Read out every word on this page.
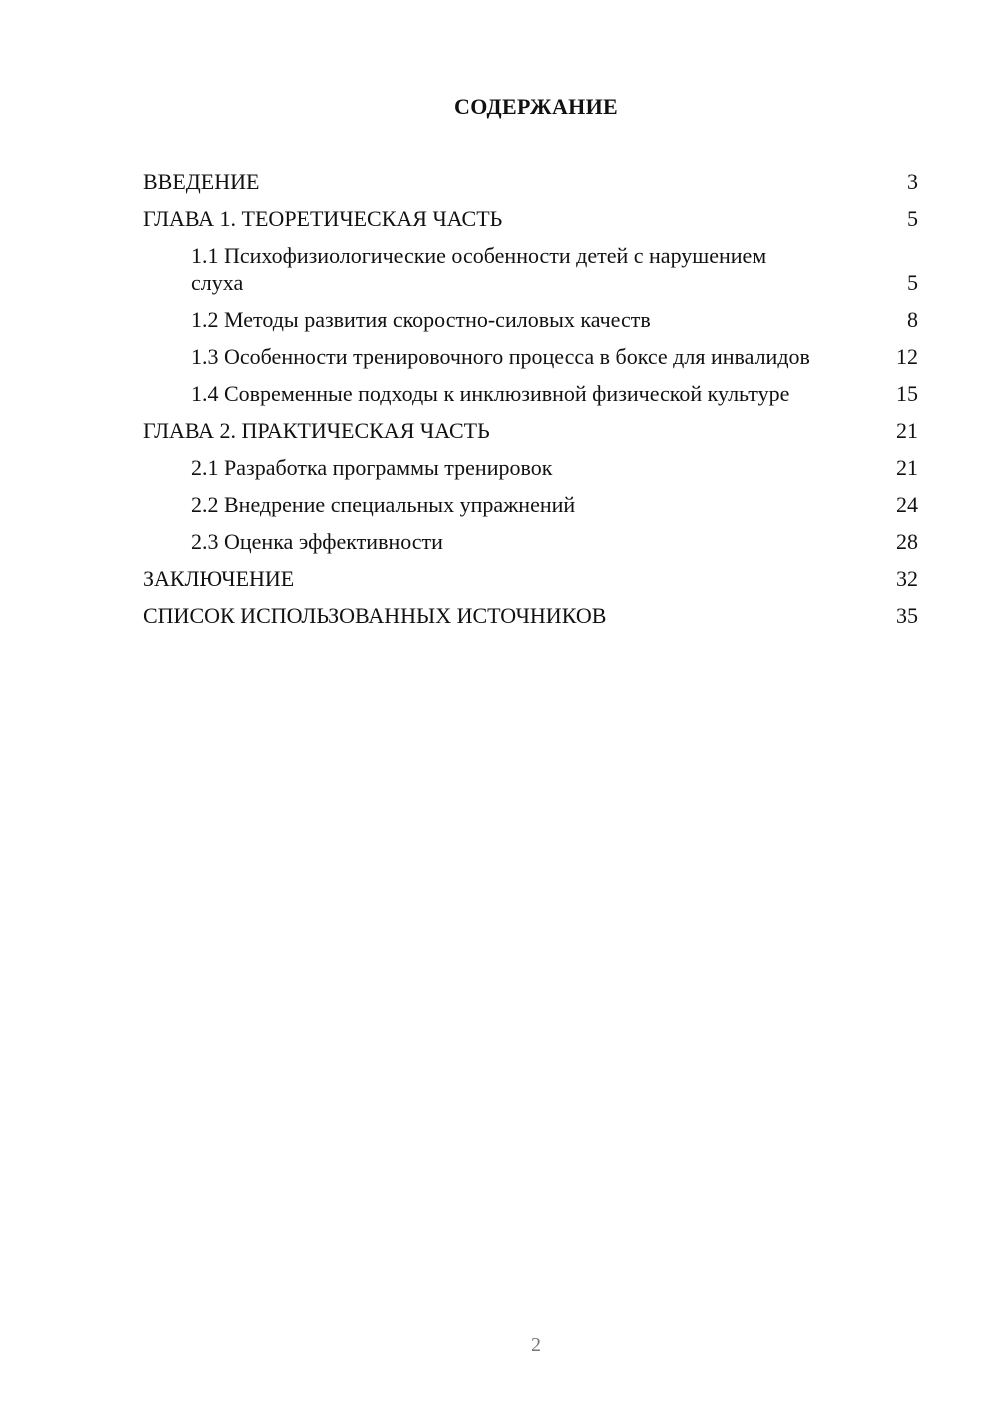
СОДЕРЖАНИЕ
ВВЕДЕНИЕ	3
ГЛАВА 1. ТЕОРЕТИЧЕСКАЯ ЧАСТЬ	5
1.1 Психофизиологические особенности детей с нарушением слуха	5
1.2 Методы развития скоростно-силовых качеств	8
1.3 Особенности тренировочного процесса в боксе для инвалидов	12
1.4 Современные подходы к инклюзивной физической культуре	15
ГЛАВА 2. ПРАКТИЧЕСКАЯ ЧАСТЬ	21
2.1 Разработка программы тренировок	21
2.2 Внедрение специальных упражнений	24
2.3 Оценка эффективности	28
ЗАКЛЮЧЕНИЕ	32
СПИСОК ИСПОЛЬЗОВАННЫХ ИСТОЧНИКОВ	35
2
